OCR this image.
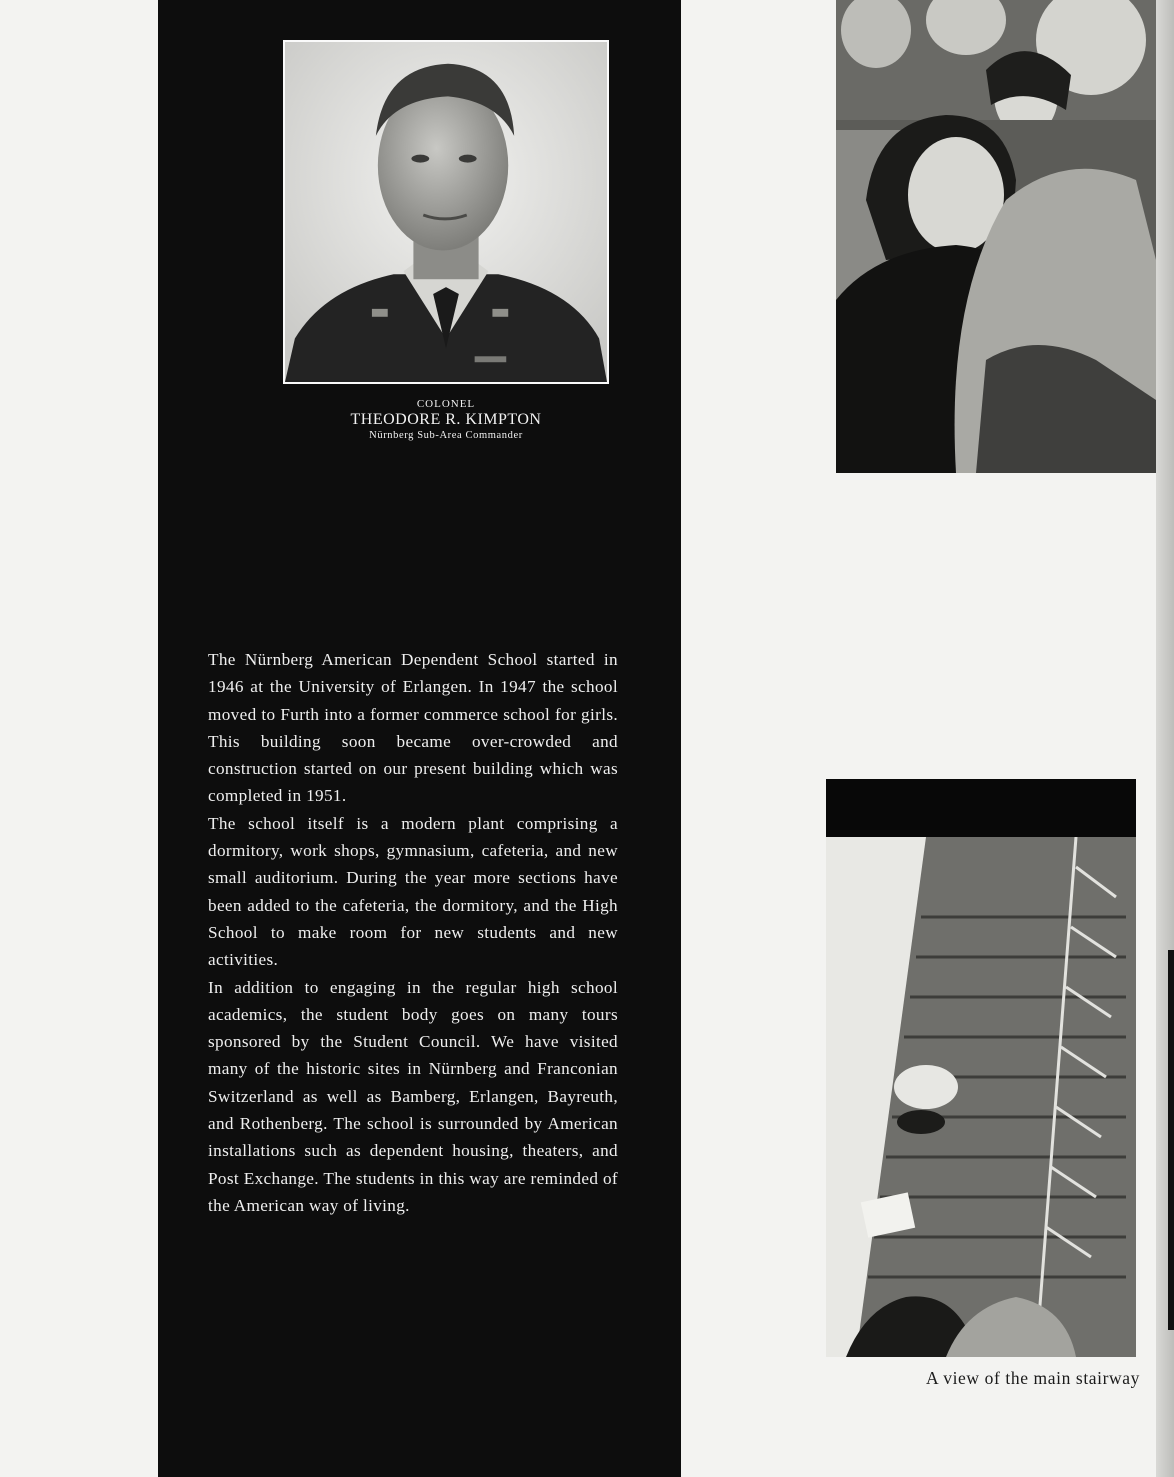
COLONEL
THEODORE R. KIMPTON
Nürnberg Sub-Area Commander

The Nürnberg American Dependent School started in 1946 at the University of Erlangen. In 1947 the school moved to Furth into a former commerce school for girls. This building soon became over-crowded and construction started on our present building which was completed in 1951.

The school itself is a modern plant comprising a dormitory, work shops, gymnasium, cafeteria, and new small auditorium. During the year more sections have been added to the cafeteria, the dormitory, and the High School to make room for new students and new activities.

In addition to engaging in the regular high school academics, the student body goes on many tours sponsored by the Student Council. We have visited many of the historic sites in Nürnberg and Franconian Switzerland as well as Bamberg, Erlangen, Bayreuth, and Rothenberg. The school is surrounded by American installations such as dependent housing, theaters, and Post Exchange. The students in this way are reminded of the American way of living.

A view of the main stairway
